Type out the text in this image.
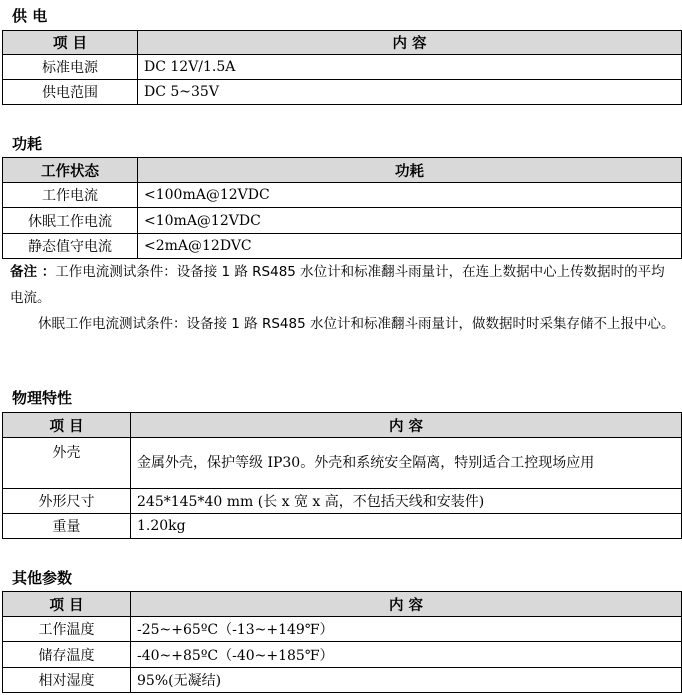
供 电
项 目	内 容
标准电源	DC 12V/1.5A
供电范围	DC 5~35V
功耗
工作状态	功耗
工作电流	<100mA@12VDC
休眠工作电流	<10mA@12VDC
静态值守电流	<2mA@12DVC

备注 ：工作电流测试条件：设备接 1 路 RS485 水位计和标准翻斗雨量计，在连上数据中心上传数据时的平均电流。

休眠工作电流测试条件：设备接 1 路 RS485 水位计和标准翻斗雨量计，做数据时时采集存储不上报中心。

物理特性
项 目	内 容
外壳	金属外壳，保护等级 IP30。外壳和系统安全隔离，特别适合工控现场应用
外形尺寸	245*145*40 mm (长 x 宽 x 高，不包括天线和安装件)
重量	1.20kg
其他参数
项 目	内 容
工作温度	-25~+65ºC（-13~+149℉）
储存温度	-40~+85ºC（-40~+185℉）
相对湿度	95%(无凝结)
